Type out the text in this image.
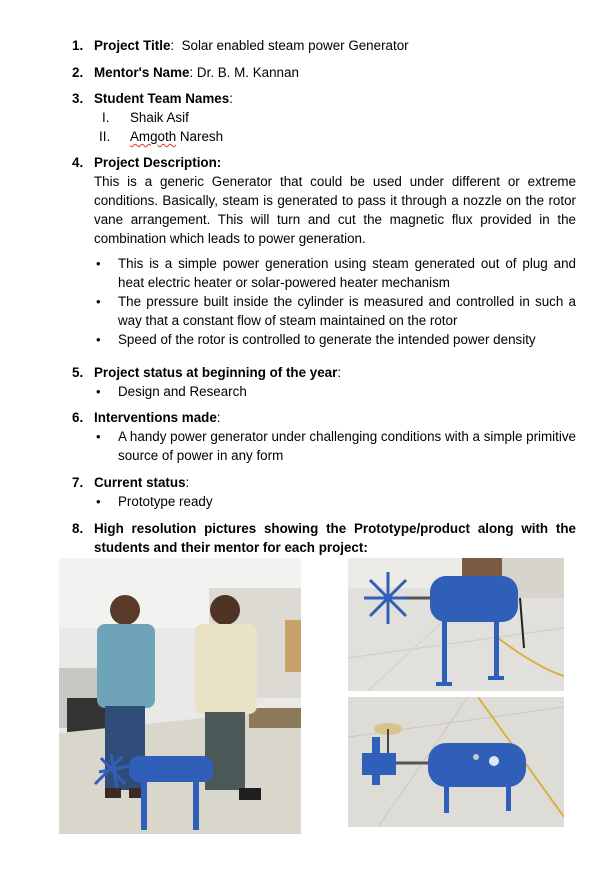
1. Project Title:  Solar enabled steam power Generator
2. Mentor's Name: Dr. B. M. Kannan
3. Student Team Names:
I. Shaik Asif
II. Amgoth Naresh
4. Project Description:
This is a generic Generator that could be used under different or extreme conditions. Basically, steam is generated to pass it through a nozzle on the rotor vane arrangement. This will turn and cut the magnetic flux provided in the combination which leads to power generation.
• This is a simple power generation using steam generated out of plug and heat electric heater or solar-powered heater mechanism
• The pressure built inside the cylinder is measured and controlled in such a way that a constant flow of steam maintained on the rotor
• Speed of the rotor is controlled to generate the intended power density
5. Project status at beginning of the year:
• Design and Research
6. Interventions made:
• A handy power generator under challenging conditions with a simple primitive source of power in any form
7. Current status:
• Prototype ready
8. High resolution pictures showing the Prototype/product along with the students and their mentor for each project:
